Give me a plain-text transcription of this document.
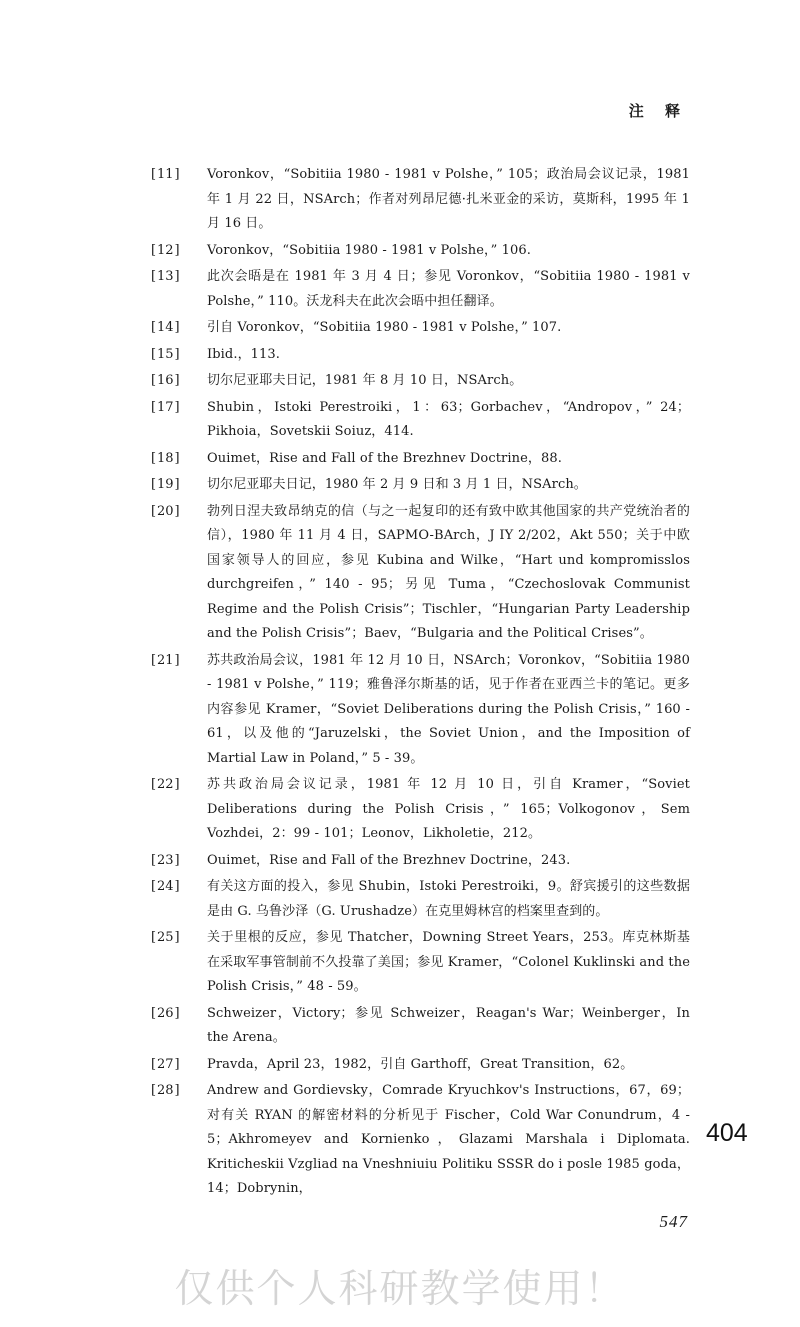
注 释
[11]	Voronkov，“Sobitiia 1980 - 1981 v Polshe，” 105；政治局会议记录，1981 年 1 月 22 日，NSArch；作者对列昂尼德·扎米亚金的采访，莫斯科，1995 年 1 月 16 日。
[12]	Voronkov，“Sobitiia 1980 - 1981 v Polshe，” 106.
[13]	此次会晤是在 1981 年 3 月 4 日；参见 Voronkov，“Sobitiia 1980 - 1981 v Polshe，” 110。沃龙科夫在此次会晤中担任翻译。
[14]	引自 Voronkov，“Sobitiia 1980 - 1981 v Polshe，” 107.
[15]	Ibid.，113.
[16]	切尔尼亚耶夫日记，1981 年 8 月 10 日，NSArch。
[17]	Shubin，Istoki Perestroiki，1：63；Gorbachev，“Andropov，” 24；Pikhoia，Sovetskii Soiuz，414.
[18]	Ouimet，Rise and Fall of the Brezhnev Doctrine，88.
[19]	切尔尼亚耶夫日记，1980 年 2 月 9 日和 3 月 1 日，NSArch。
[20]	勃列日涅夫致昂纳克的信（与之一起复印的还有致中欧其他国家的共产党统治者的信），1980 年 11 月 4 日，SAPMO-BArch，J IY 2/202，Akt 550；关于中欧国家领导人的回应，参见 Kubina and Wilke，“Hart und kompromisslos durchgreifen，” 140 - 95；另见 Tuma，“Czechoslovak Communist Regime and the Polish Crisis”；Tischler，“Hungarian Party Leadership and the Polish Crisis”；Baev，“Bulgaria and the Political Crises”。
[21]	苏共政治局会议，1981 年 12 月 10 日，NSArch；Voronkov，“Sobitiia 1980 - 1981 v Polshe，” 119；雅鲁泽尔斯基的话，见于作者在亚西兰卡的笔记。更多内容参见 Kramer，“Soviet Deliberations during the Polish Crisis，” 160 - 61，以及他的“Jaruzelski，the Soviet Union，and the Imposition of Martial Law in Poland，” 5 - 39。
[22]	苏共政治局会议记录，1981 年 12 月 10 日，引自 Kramer，“Soviet Deliberations during the Polish Crisis，” 165；Volkogonov，Sem Vozhdei，2：99 - 101；Leonov，Likholetie，212。
[23]	Ouimet，Rise and Fall of the Brezhnev Doctrine，243.
[24]	有关这方面的投入，参见 Shubin，Istoki Perestroiki，9。舒宾援引的这些数据是由 G. 乌鲁沙泽（G. Urushadze）在克里姆林宫的档案里查到的。
[25]	关于里根的反应，参见 Thatcher，Downing Street Years，253。库克林斯基在采取军事管制前不久投靠了美国；参见 Kramer，“Colonel Kuklinski and the Polish Crisis，” 48 - 59。
[26]	Schweizer，Victory；参见 Schweizer，Reagan's War；Weinberger，In the Arena。
[27]	Pravda，April 23，1982，引自 Garthoff，Great Transition，62。
[28]	Andrew and Gordievsky，Comrade Kryuchkov's Instructions，67，69；对有关 RYAN 的解密材料的分析见于 Fischer，Cold War Conundrum，4 - 5；Akhromeyev and Kornienko，Glazami Marshala i Diplomata. Kriticheskii Vzgliad na Vneshniuiu Politiku SSSR do i posle 1985 goda，14；Dobrynin，
404
547
仅供个人科研教学使用！
